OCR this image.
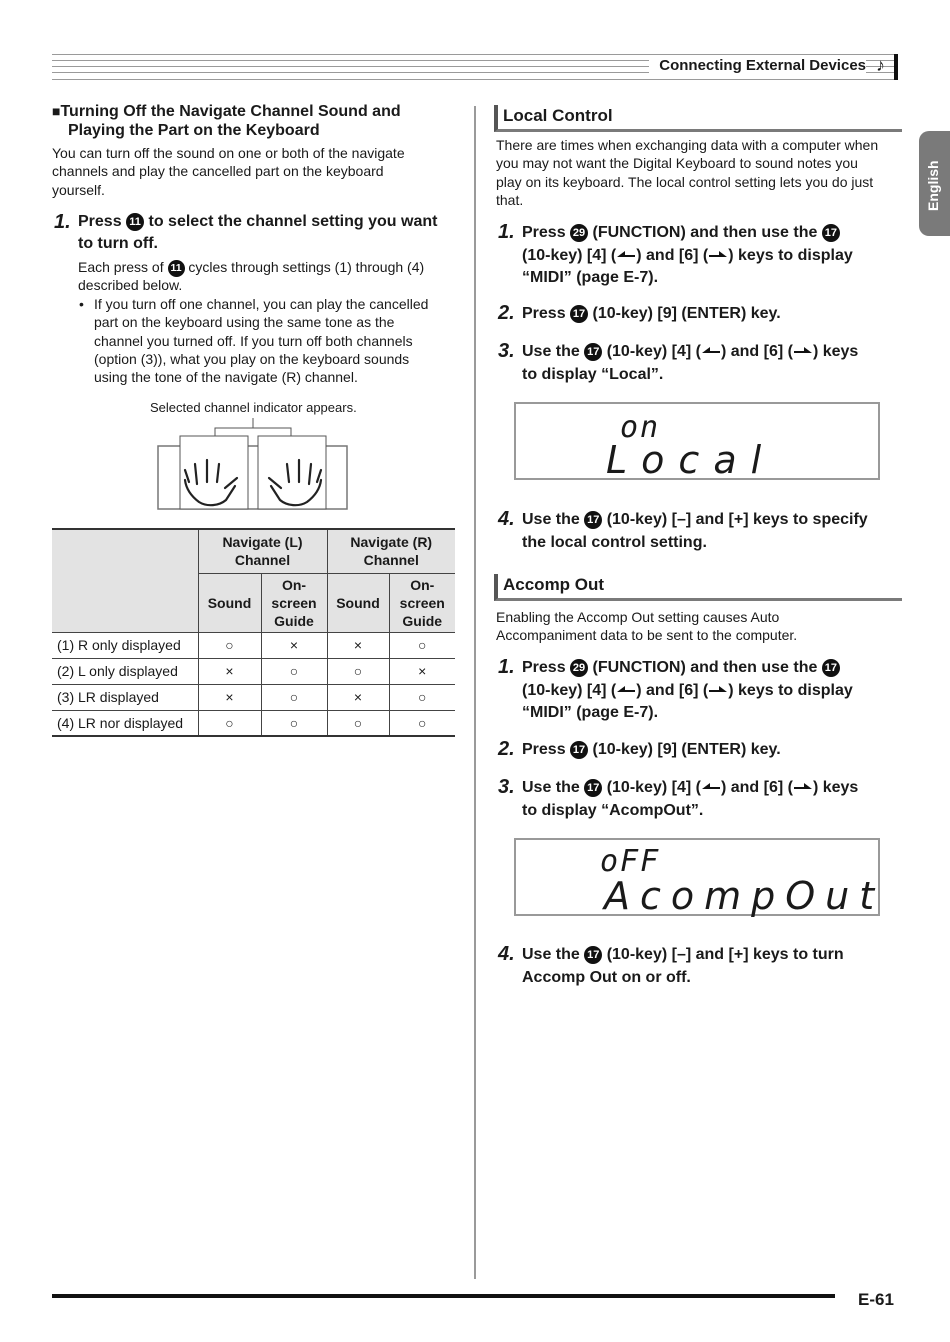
Connecting External Devices ♪
English
■Turning Off the Navigate Channel Sound and
Playing the Part on the Keyboard
You can turn off the sound on one or both of the navigate
channels and play the cancelled part on the keyboard
yourself.
1. Press 11 to select the channel setting you want
to turn off.
Each press of 11 cycles through settings (1) through (4)
described below.
• If you turn off one channel, you can play the cancelled
part on the keyboard using the same tone as the
channel you turned off. If you turn off both channels
(option (3)), what you play on the keyboard sounds
using the tone of the navigate (R) channel.
Selected channel indicator appears.

	Navigate (L) Channel		Navigate (R) Channel	

	Sound	On-screen Guide	Sound	On-screen Guide

(1) R only displayed	○	×	×	○
(2) L only displayed	×	○	○	×
(3) LR displayed	×	○	×	○
(4) LR nor displayed	○	○	○	○
Local Control
There are times when exchanging data with a computer when
you may not want the Digital Keyboard to sound notes you
play on its keyboard. The local control setting lets you do just
that.
1. Press 29 (FUNCTION) and then use the 17
(10-key) [4] ( ) and [6] ( ) keys to display
“MIDI” (page E-7).
2. Press 17 (10-key) [9] (ENTER) key.
3. Use the 17 (10-key) [4] ( ) and [6] ( ) keys
to display “Local”.
on
Local
4. Use the 17 (10-key) [–] and [+] keys to specify
the local control setting.
Accomp Out
Enabling the Accomp Out setting causes Auto
Accompaniment data to be sent to the computer.
1. Press 29 (FUNCTION) and then use the 17
(10-key) [4] ( ) and [6] ( ) keys to display
“MIDI” (page E-7).
2. Press 17 (10-key) [9] (ENTER) key.
3. Use the 17 (10-key) [4] ( ) and [6] ( ) keys
to display “AcompOut”.
oFF
AcompOut
4. Use the 17 (10-key) [–] and [+] keys to turn
Accomp Out on or off.
E-61
